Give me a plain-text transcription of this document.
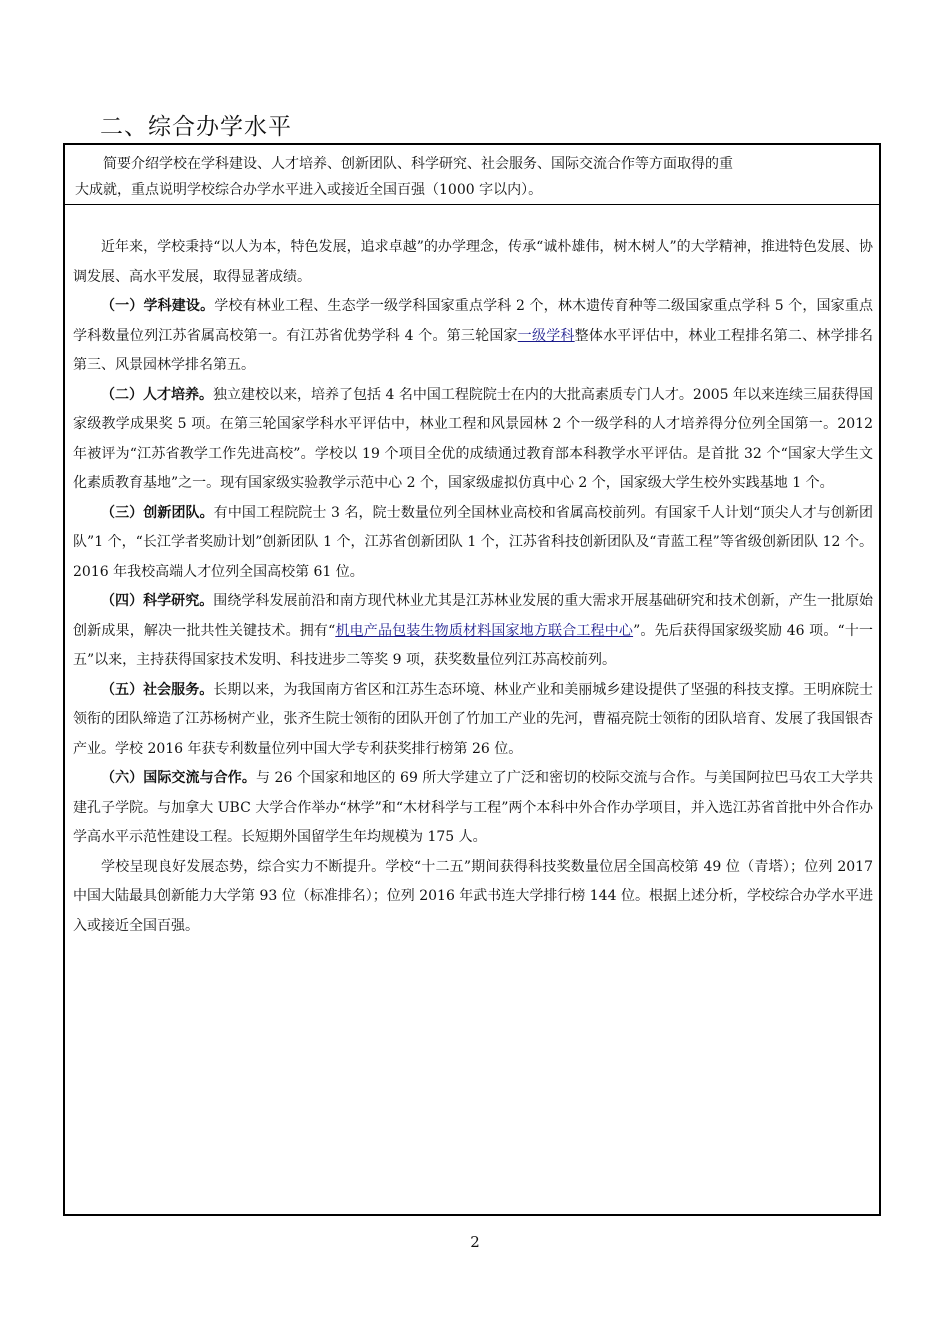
二、综合办学水平
简要介绍学校在学科建设、人才培养、创新团队、科学研究、社会服务、国际交流合作等方面取得的重
大成就，重点说明学校综合办学水平进入或接近全国百强（1000 字以内）。

近年来，学校秉持“以人为本，特色发展，追求卓越”的办学理念，传承“诚朴雄伟，树木树人”的大学精神，推进特色发展、协调发展、高水平发展，取得显著成绩。

（一）学科建设。学校有林业工程、生态学一级学科国家重点学科 2 个，林木遗传育种等二级国家重点学科 5 个，国家重点学科数量位列江苏省属高校第一。有江苏省优势学科 4 个。第三轮国家一级学科整体水平评估中，林业工程排名第二、林学排名第三、风景园林学排名第五。

（二）人才培养。独立建校以来，培养了包括 4 名中国工程院院士在内的大批高素质专门人才。2005 年以来连续三届获得国家级教学成果奖 5 项。在第三轮国家学科水平评估中，林业工程和风景园林 2 个一级学科的人才培养得分位列全国第一。2012 年被评为“江苏省教学工作先进高校”。学校以 19 个项目全优的成绩通过教育部本科教学水平评估。是首批 32 个“国家大学生文化素质教育基地”之一。现有国家级实验教学示范中心 2 个，国家级虚拟仿真中心 2 个，国家级大学生校外实践基地 1 个。

（三）创新团队。有中国工程院院士 3 名，院士数量位列全国林业高校和省属高校前列。有国家千人计划“顶尖人才与创新团队”1 个，“长江学者奖励计划”创新团队 1 个，江苏省创新团队 1 个，江苏省科技创新团队及“青蓝工程”等省级创新团队 12 个。2016 年我校高端人才位列全国高校第 61 位。

（四）科学研究。围绕学科发展前沿和南方现代林业尤其是江苏林业发展的重大需求开展基础研究和技术创新，产生一批原始创新成果，解决一批共性关键技术。拥有“机电产品包装生物质材料国家地方联合工程中心”。先后获得国家级奖励 46 项。“十一五”以来，主持获得国家技术发明、科技进步二等奖 9 项，获奖数量位列江苏高校前列。

（五）社会服务。长期以来，为我国南方省区和江苏生态环境、林业产业和美丽城乡建设提供了坚强的科技支撑。王明庥院士领衔的团队缔造了江苏杨树产业，张齐生院士领衔的团队开创了竹加工产业的先河，曹福亮院士领衔的团队培育、发展了我国银杏产业。学校 2016 年获专利数量位列中国大学专利获奖排行榜第 26 位。

（六）国际交流与合作。与 26 个国家和地区的 69 所大学建立了广泛和密切的校际交流与合作。与美国阿拉巴马农工大学共建孔子学院。与加拿大 UBC 大学合作举办“林学”和“木材科学与工程”两个本科中外合作办学项目，并入选江苏省首批中外合作办学高水平示范性建设工程。长短期外国留学生年均规模为 175 人。

学校呈现良好发展态势，综合实力不断提升。学校“十二五”期间获得科技奖数量位居全国高校第 49 位（青塔）；位列 2017 中国大陆最具创新能力大学第 93 位（标准排名）；位列 2016 年武书连大学排行榜 144 位。根据上述分析，学校综合办学水平进入或接近全国百强。

2
